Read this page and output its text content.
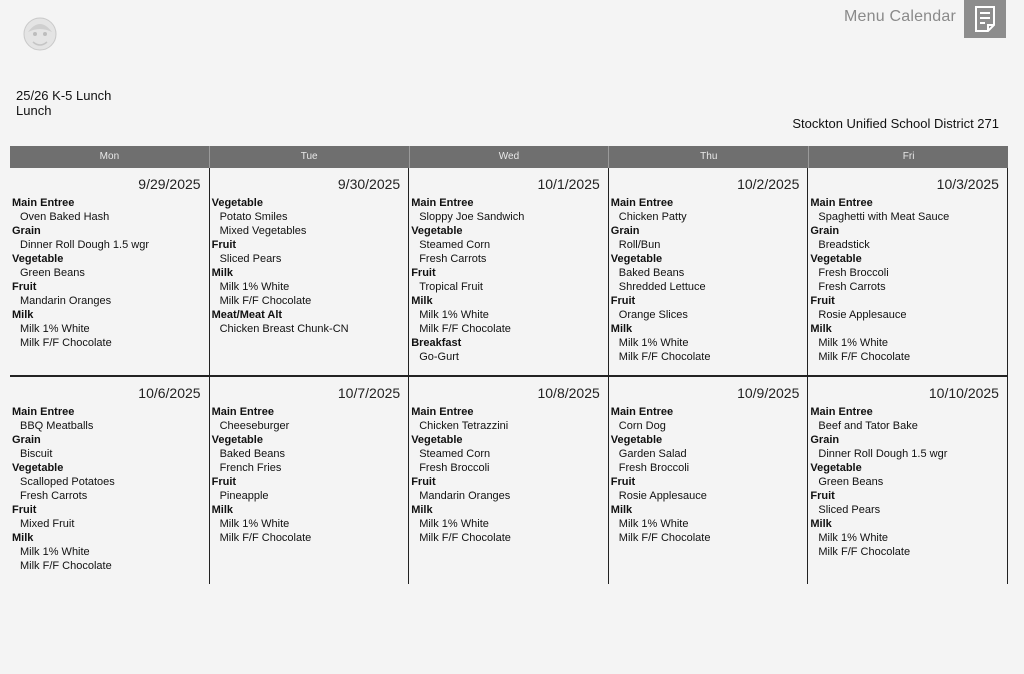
Menu Calendar
25/26 K-5 Lunch
Lunch
Stockton Unified School District 271
Mon	Tue	Wed	Thu	Fri
9/29/2025
Main Entree
Oven Baked Hash
Grain
Dinner Roll Dough 1.5 wgr
Vegetable
Green Beans
Fruit
Mandarin Oranges
Milk
Milk 1% White
Milk F/F Chocolate
9/30/2025
Vegetable
Potato Smiles
Mixed Vegetables
Fruit
Sliced Pears
Milk
Milk 1% White
Milk F/F Chocolate
Meat/Meat Alt
Chicken Breast Chunk-CN
10/1/2025
Main Entree
Sloppy Joe Sandwich
Vegetable
Steamed Corn
Fresh Carrots
Fruit
Tropical Fruit
Milk
Milk 1% White
Milk F/F Chocolate
Breakfast
Go-Gurt
10/2/2025
Main Entree
Chicken Patty
Grain
Roll/Bun
Vegetable
Baked Beans
Shredded Lettuce
Fruit
Orange Slices
Milk
Milk 1% White
Milk F/F Chocolate
10/3/2025
Main Entree
Spaghetti with Meat Sauce
Grain
Breadstick
Vegetable
Fresh Broccoli
Fresh Carrots
Fruit
Rosie Applesauce
Milk
Milk 1% White
Milk F/F Chocolate
10/6/2025
Main Entree
BBQ Meatballs
Grain
Biscuit
Vegetable
Scalloped Potatoes
Fresh Carrots
Fruit
Mixed Fruit
Milk
Milk 1% White
Milk F/F Chocolate
10/7/2025
Main Entree
Cheeseburger
Vegetable
Baked Beans
French Fries
Fruit
Pineapple
Milk
Milk 1% White
Milk F/F Chocolate
10/8/2025
Main Entree
Chicken Tetrazzini
Vegetable
Steamed Corn
Fresh Broccoli
Fruit
Mandarin Oranges
Milk
Milk 1% White
Milk F/F Chocolate
10/9/2025
Main Entree
Corn Dog
Vegetable
Garden Salad
Fresh Broccoli
Fruit
Rosie Applesauce
Milk
Milk 1% White
Milk F/F Chocolate
10/10/2025
Main Entree
Beef and Tator Bake
Grain
Dinner Roll Dough 1.5 wgr
Vegetable
Green Beans
Fruit
Sliced Pears
Milk
Milk 1% White
Milk F/F Chocolate
